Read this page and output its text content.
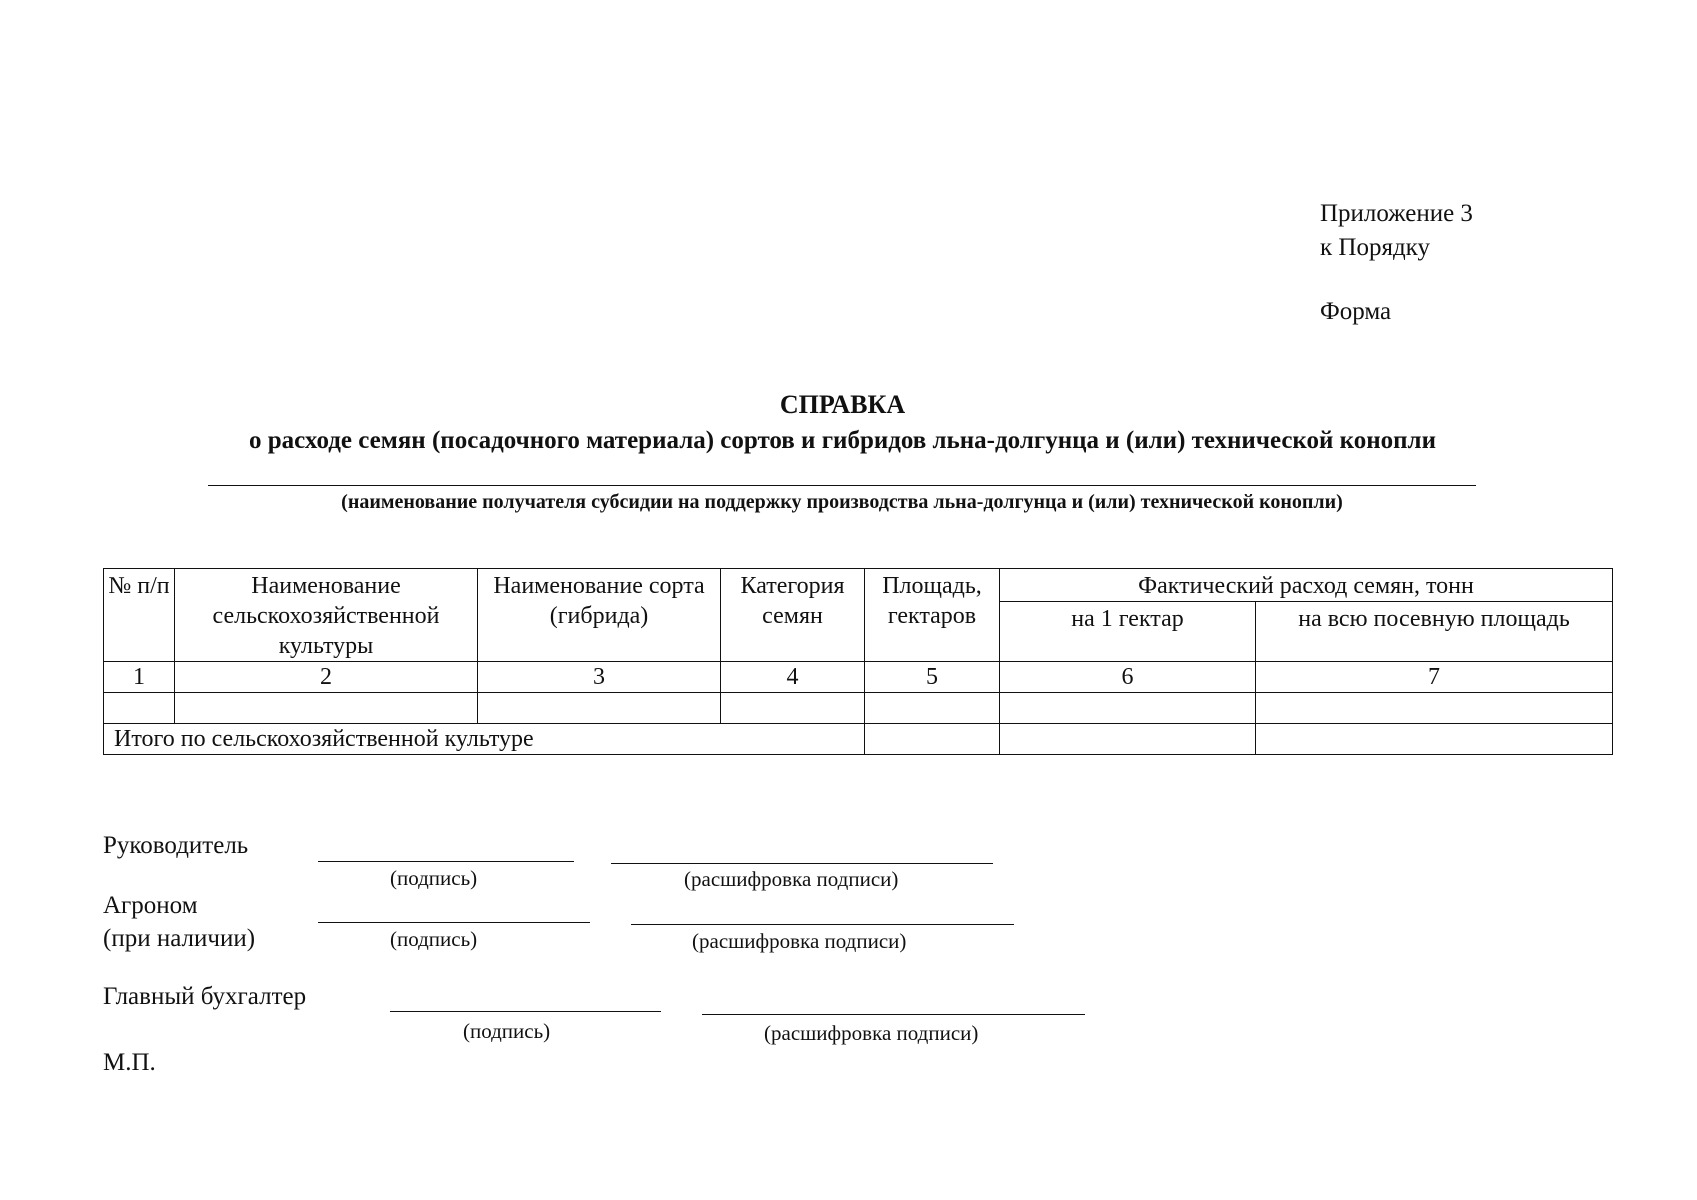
Приложение 3
к Порядку
Форма
СПРАВКА
о расходе семян (посадочного материала) сортов и гибридов льна-долгунца и (или) технической конопли
(наименование получателя субсидии на поддержку производства льна-долгунца и (или) технической конопли)
№ п/п	Наименование сельскохозяйственной культуры	Наименование сорта (гибрида)	Категория семян	Площадь, гектаров	Фактический расход семян, тонн	
					на 1 гектар	на всю посевную площадь
1	2	3	4	5	6	7

Итого по сельскохозяйственной культуре						
Руководитель
(подпись)	(расшифровка подписи)
Агроном
(при наличии)	(подпись)	(расшифровка подписи)
Главный бухгалтер
(подпись)	(расшифровка подписи)
М.П.
